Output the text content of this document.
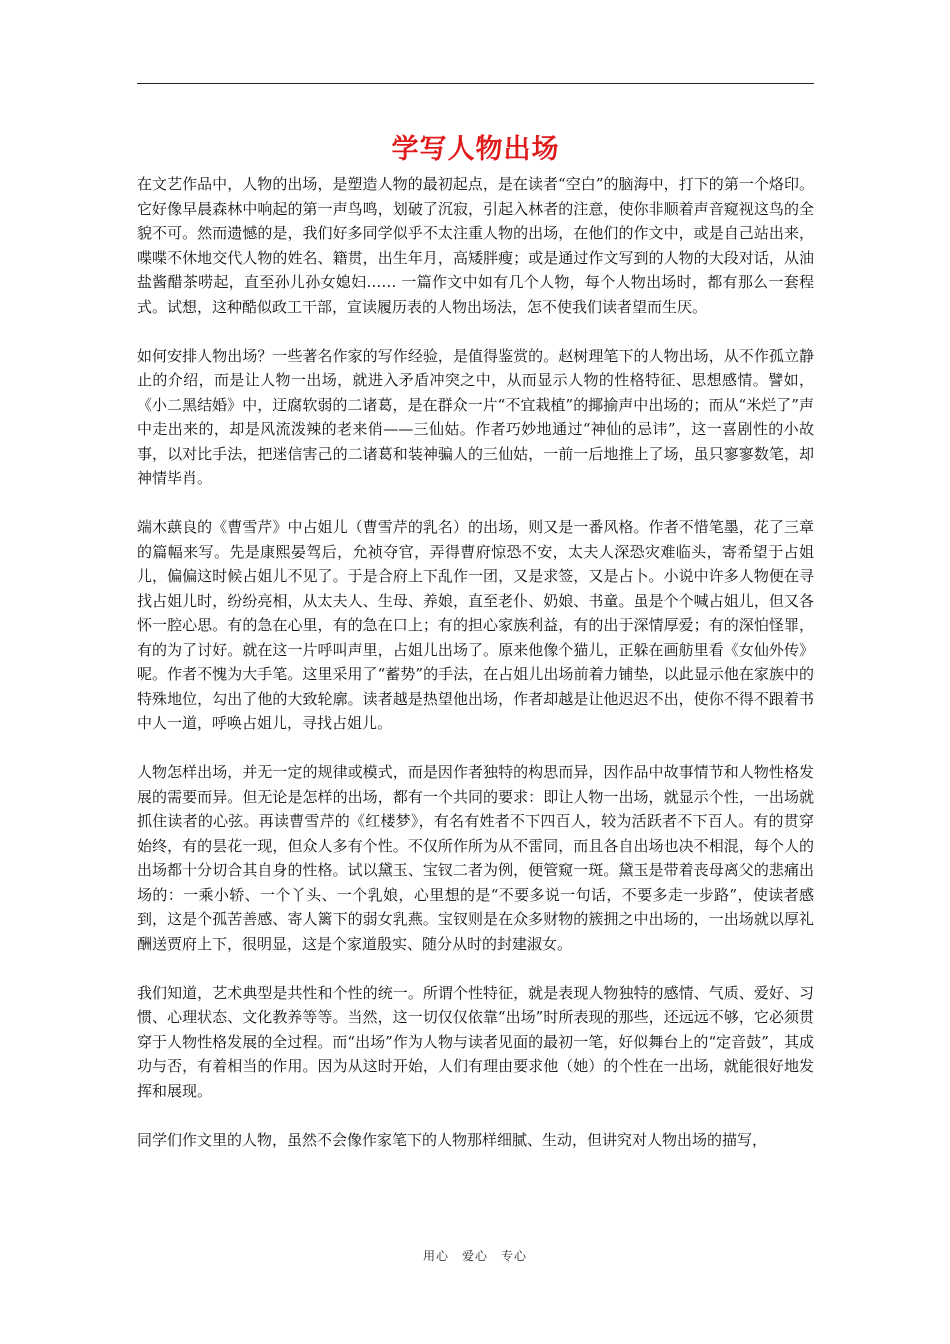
学写人物出场

在文艺作品中，人物的出场，是塑造人物的最初起点，是在读者“空白”的脑海中，打下的第一个烙印。它好像早晨森林中响起的第一声鸟鸣，划破了沉寂，引起入林者的注意，使你非顺着声音窥视这鸟的全貌不可。然而遗憾的是，我们好多同学似乎不太注重人物的出场，在他们的作文中，或是自己站出来，喋喋不休地交代人物的姓名、籍贯，出生年月，高矮胖瘦；或是通过作文写到的人物的大段对话，从油盐酱醋茶唠起，直至孙儿孙女媳妇…… 一篇作文中如有几个人物，每个人物出场时，都有那么一套程式。试想，这种酷似政工干部，宣读履历表的人物出场法，怎不使我们读者望而生厌。

如何安排人物出场？一些著名作家的写作经验，是值得鉴赏的。赵树理笔下的人物出场，从不作孤立静止的介绍，而是让人物一出场，就进入矛盾冲突之中，从而显示人物的性格特征、思想感情。譬如，《小二黑结婚》中，迂腐软弱的二诸葛，是在群众一片“不宜栽植”的揶揄声中出场的；而从“米烂了”声中走出来的，却是风流泼辣的老来俏——三仙姑。作者巧妙地通过“神仙的忌讳”，这一喜剧性的小故事，以对比手法，把迷信害己的二诸葛和装神骗人的三仙姑，一前一后地推上了场，虽只寥寥数笔，却神情毕肖。

端木蕻良的《曹雪芹》中占姐儿（曹雪芹的乳名）的出场，则又是一番风格。作者不惜笔墨，花了三章的篇幅来写。先是康熙晏驾后，允祯夺官，弄得曹府惊恐不安，太夫人深恐灾难临头，寄希望于占姐儿，偏偏这时候占姐儿不见了。于是合府上下乱作一团，又是求签，又是占卜。小说中许多人物便在寻找占姐儿时，纷纷亮相，从太夫人、生母、养娘，直至老仆、奶娘、书童。虽是个个喊占姐儿，但又各怀一腔心思。有的急在心里，有的急在口上；有的担心家族利益，有的出于深情厚爱；有的深怕怪罪，有的为了讨好。就在这一片呼叫声里，占姐儿出场了。原来他像个猫儿，正躲在画舫里看《女仙外传》呢。作者不愧为大手笔。这里采用了“蓄势”的手法，在占姐儿出场前着力铺垫，以此显示他在家族中的特殊地位，勾出了他的大致轮廓。读者越是热望他出场，作者却越是让他迟迟不出，使你不得不跟着书中人一道，呼唤占姐儿，寻找占姐儿。

人物怎样出场，并无一定的规律或模式，而是因作者独特的构思而异，因作品中故事情节和人物性格发展的需要而异。但无论是怎样的出场，都有一个共同的要求：即让人物一出场，就显示个性，一出场就抓住读者的心弦。再读曹雪芹的《红楼梦》，有名有姓者不下四百人，较为活跃者不下百人。有的贯穿始终，有的昙花一现，但众人多有个性。不仅所作所为从不雷同，而且各自出场也决不相混，每个人的出场都十分切合其自身的性格。试以黛玉、宝钗二者为例，便管窥一斑。黛玉是带着丧母离父的悲痛出场的：一乘小轿、一个丫头、一个乳娘，心里想的是“不要多说一句话，不要多走一步路”，使读者感到，这是个孤苦善感、寄人篱下的弱女乳燕。宝钗则是在众多财物的簇拥之中出场的，一出场就以厚礼酬送贾府上下，很明显，这是个家道殷实、随分从时的封建淑女。

我们知道，艺术典型是共性和个性的统一。所谓个性特征，就是表现人物独特的感情、气质、爱好、习惯、心理状态、文化教养等等。当然，这一切仅仅依靠“出场”时所表现的那些，还远远不够，它必须贯穿于人物性格发展的全过程。而“出场”作为人物与读者见面的最初一笔，好似舞台上的“定音鼓”，其成功与否，有着相当的作用。因为从这时开始，人们有理由要求他（她）的个性在一出场，就能很好地发挥和展现。

同学们作文里的人物，虽然不会像作家笔下的人物那样细腻、生动，但讲究对人物出场的描写，

用心　爱心　专心
